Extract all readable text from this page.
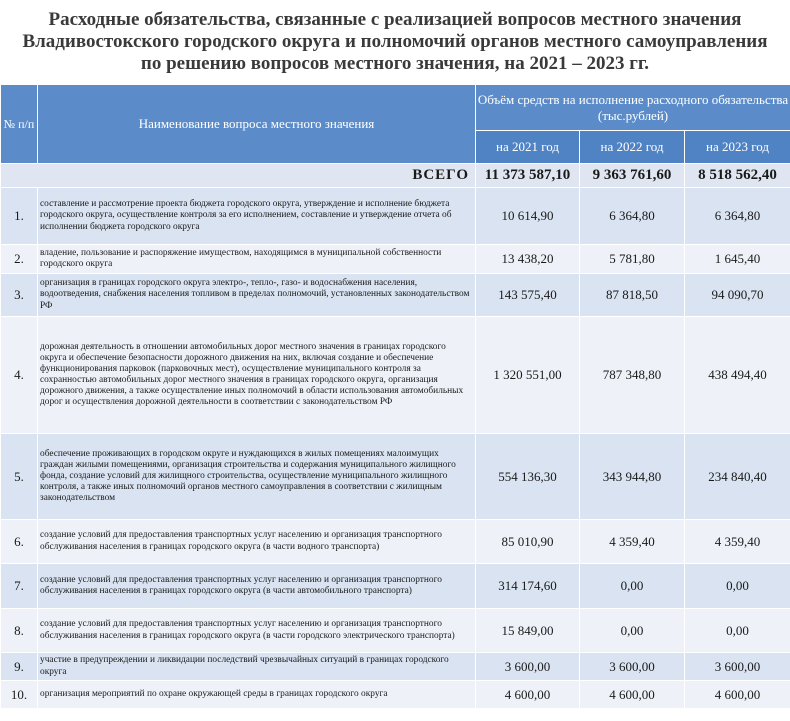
Расходные обязательства, связанные с реализацией вопросов местного значения Владивостокского городского округа и полномочий органов местного самоуправления по решению вопросов местного значения, на 2021 – 2023 гг.
№ п/п	Наименование вопроса местного значения	Объём средств на исполнение расходного обязательства (тыс.рублей)		
		на 2021 год	на 2022 год	на 2023 год
ВСЕГО		11 373 587,10	9 363 761,60	8 518 562,40
1.	составление и рассмотрение проекта бюджета городского округа, утверждение и исполнение бюджета городского округа, осуществление контроля за его исполнением, составление и утверждение отчета об исполнении бюджета городского округа	10 614,90	6 364,80	6 364,80
2.	владение, пользование и распоряжение имуществом, находящимся в муниципальной собственности городского округа	13 438,20	5 781,80	1 645,40
3.	организация в границах городского округа электро-, тепло-, газо- и водоснабжения населения, водоотведения, снабжения населения топливом в пределах полномочий, установленных законодательством РФ	143 575,40	87 818,50	94 090,70
4.	дорожная деятельность в отношении автомобильных дорог местного значения в границах городского округа и обеспечение безопасности дорожного движения на них, включая создание и обеспечение функционирования парковок (парковочных мест), осуществление муниципального контроля за сохранностью автомобильных дорог местного значения в границах городского округа, организация дорожного движения, а также осуществление иных полномочий в области использования автомобильных дорог и осуществления дорожной деятельности в соответствии с законодательством РФ	1 320 551,00	787 348,80	438 494,40
5.	обеспечение проживающих в городском округе и нуждающихся в жилых помещениях малоимущих граждан жилыми помещениями, организация строительства и содержания муниципального жилищного фонда, создание условий для жилищного строительства, осуществление муниципального жилищного контроля, а также иных полномочий органов местного самоуправления в соответствии с жилищным законодательством	554 136,30	343 944,80	234 840,40
6.	создание условий для предоставления транспортных услуг населению и организация транспортного обслуживания населения в границах городского округа (в части водного транспорта)	85 010,90	4 359,40	4 359,40
7.	создание условий для предоставления транспортных услуг населению и организация транспортного обслуживания населения в границах городского округа (в части автомобильного транспорта)	314 174,60	0,00	0,00
8.	создание условий для предоставления транспортных услуг населению и организация транспортного обслуживания населения в границах городского округа (в части городского электрического транспорта)	15 849,00	0,00	0,00
9.	участие в предупреждении и ликвидации последствий чрезвычайных ситуаций в границах городского округа	3 600,00	3 600,00	3 600,00
10.	организация мероприятий по охране окружающей среды в границах городского округа	4 600,00	4 600,00	4 600,00
